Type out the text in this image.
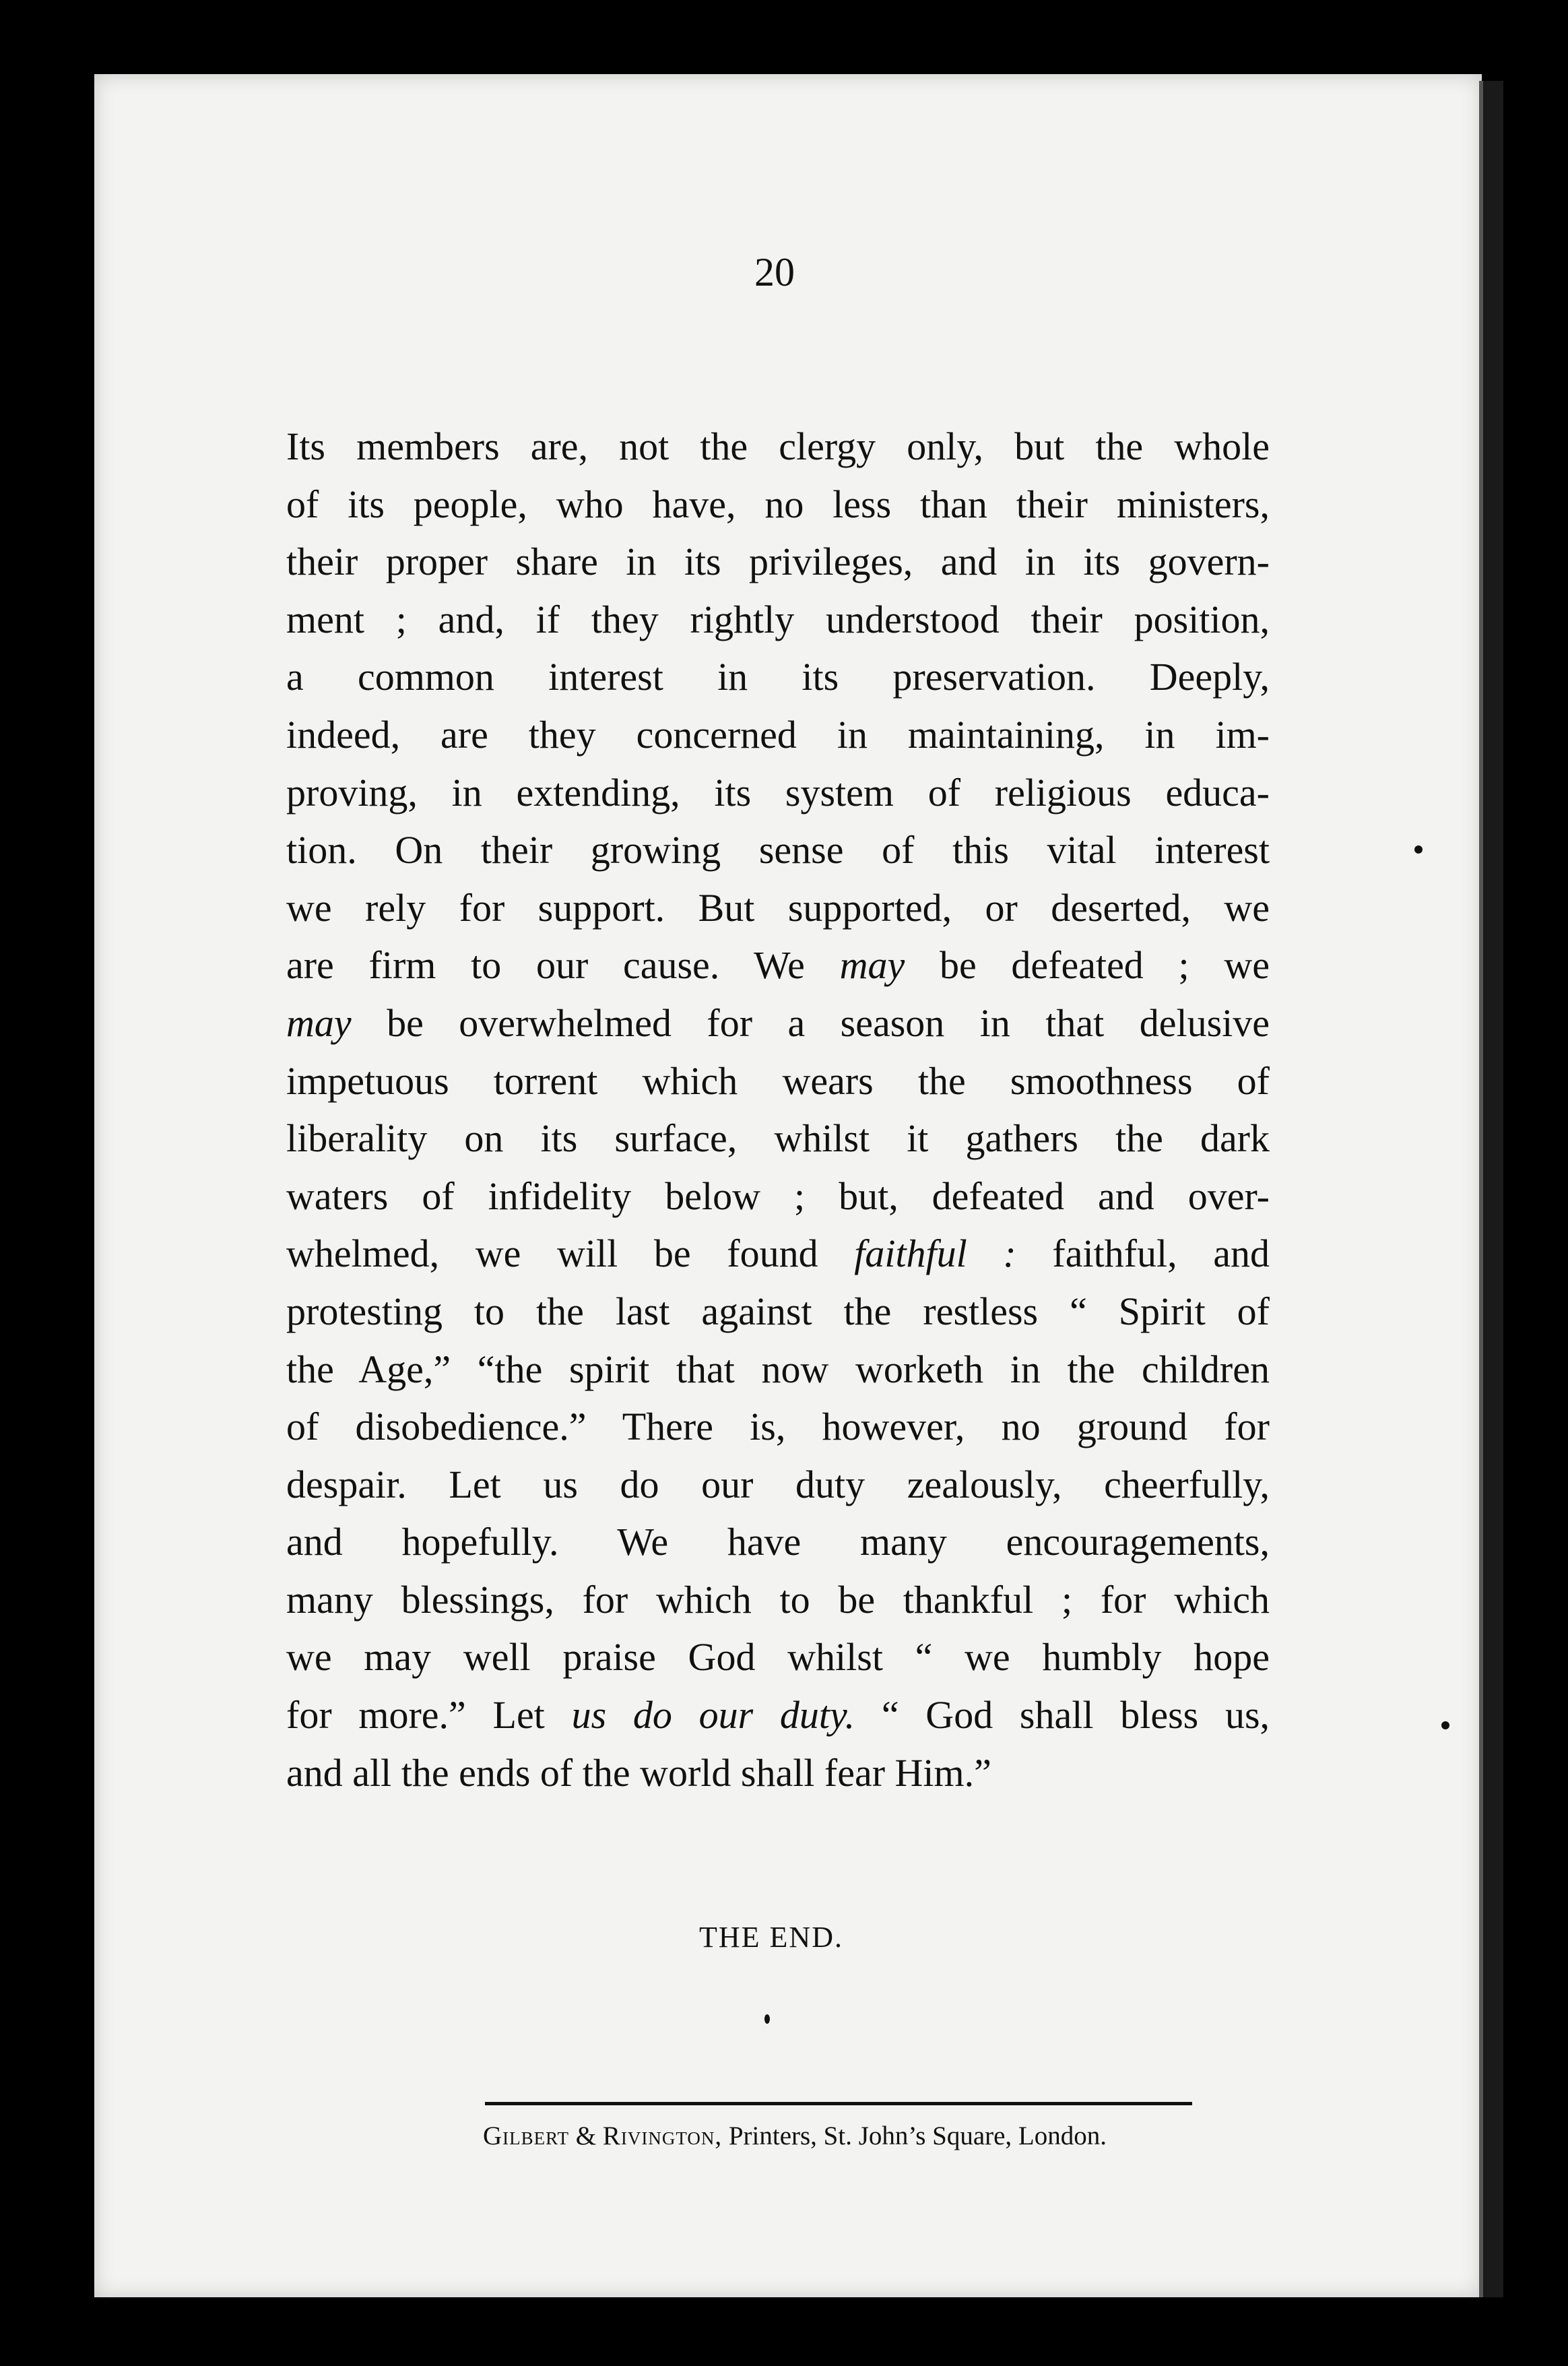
20
Its members are, not the clergy only, but the whole
of its people, who have, no less than their ministers,
their proper share in its privileges, and in its govern-
ment ; and, if they rightly understood their position,
a common interest in its preservation. Deeply,
indeed, are they concerned in maintaining, in im-
proving, in extending, its system of religious educa-
tion. On their growing sense of this vital interest
we rely for support. But supported, or deserted, we
are firm to our cause. We may be defeated ; we
may be overwhelmed for a season in that delusive
impetuous torrent which wears the smoothness of
liberality on its surface, whilst it gathers the dark
waters of infidelity below ; but, defeated and over-
whelmed, we will be found faithful : faithful, and
protesting to the last against the restless “ Spirit of
the Age,” “the spirit that now worketh in the children
of disobedience.” There is, however, no ground for
despair. Let us do our duty zealously, cheerfully,
and hopefully. We have many encouragements,
many blessings, for which to be thankful ; for which
we may well praise God whilst “ we humbly hope
for more.” Let us do our duty. “ God shall bless us,
and all the ends of the world shall fear Him.”
THE END.
Gilbert & Rivington, Printers, St. John’s Square, London.
